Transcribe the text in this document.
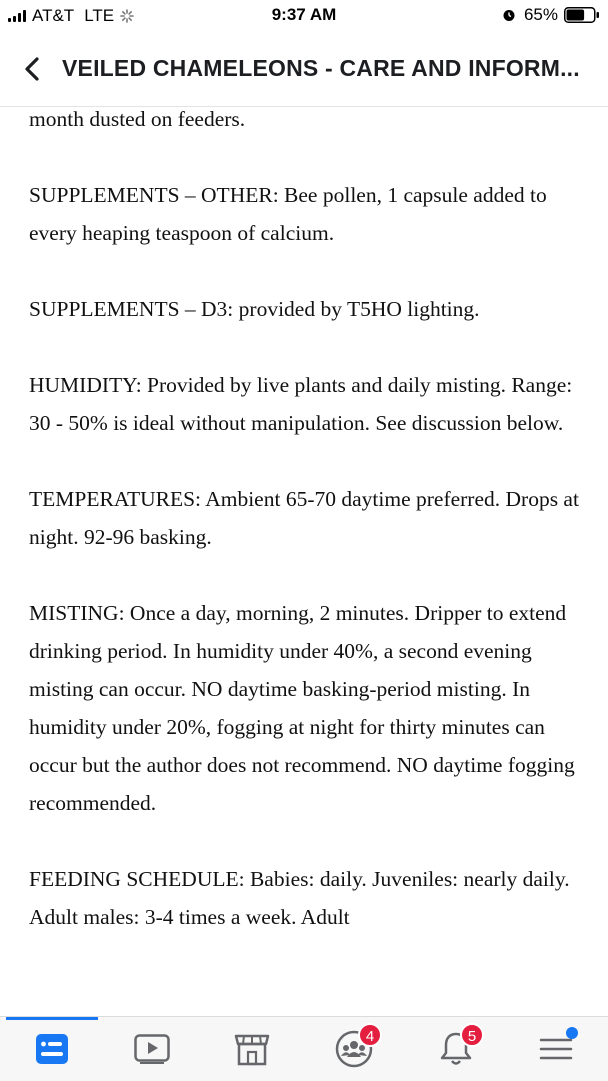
AT&T LTE	9:37 AM	65%
VEILED CHAMELEONS - CARE AND INFORM...

month dusted on feeders.

SUPPLEMENTS – OTHER: Bee pollen, 1 capsule added to every heaping teaspoon of calcium.

SUPPLEMENTS – D3: provided by T5HO lighting.

HUMIDITY: Provided by live plants and daily misting. Range: 30 - 50% is ideal without manipulation. See discussion below.

TEMPERATURES: Ambient 65-70 daytime preferred. Drops at night. 92-96 basking.

MISTING: Once a day, morning, 2 minutes. Dripper to extend drinking period. In humidity under 40%, a second evening misting can occur. NO daytime basking-period misting. In humidity under 20%, fogging at night for thirty minutes can occur but the author does not recommend. NO daytime fogging recommended.

FEEDING SCHEDULE: Babies: daily. Juveniles: nearly daily. Adult males: 3-4 times a week. Adult

4	5
